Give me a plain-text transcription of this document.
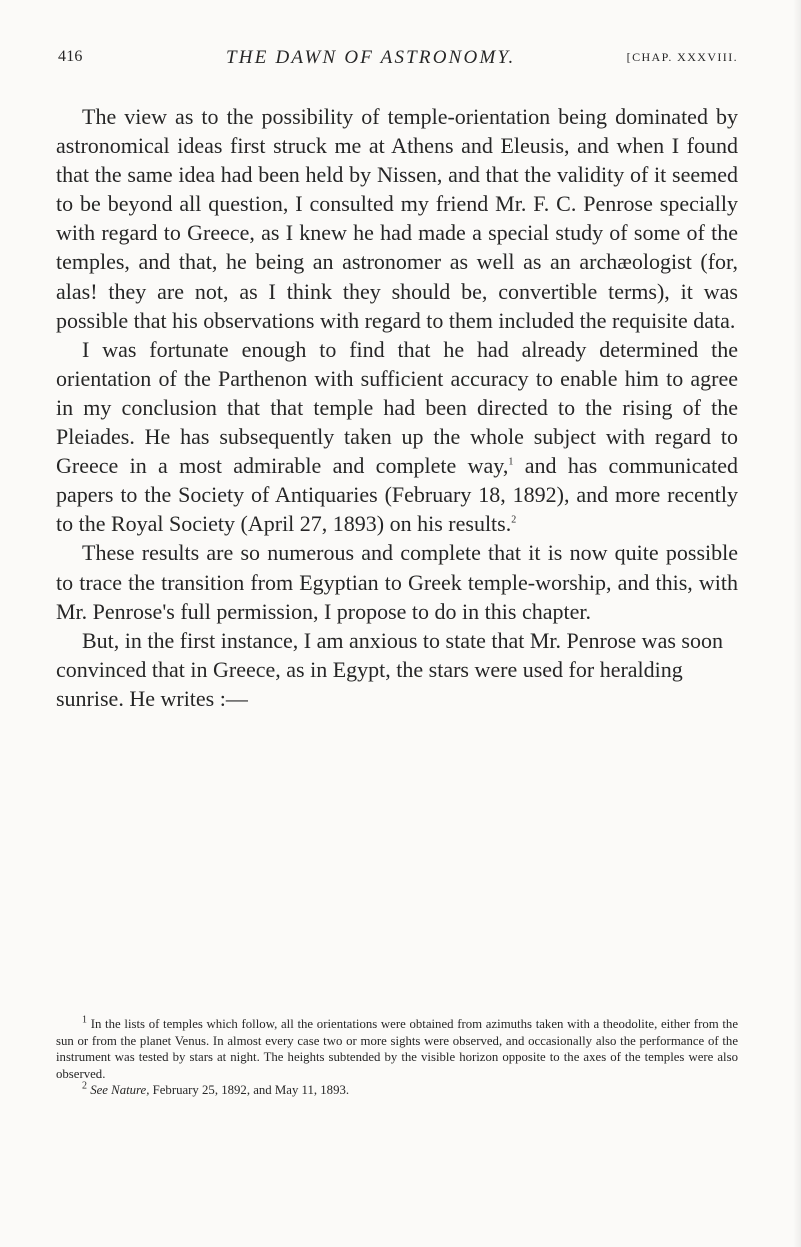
416	THE DAWN OF ASTRONOMY.	[CHAP. XXXVIII.

The view as to the possibility of temple-orientation being dominated by astronomical ideas first struck me at Athens and Eleusis, and when I found that the same idea had been held by Nissen, and that the validity of it seemed to be beyond all question, I consulted my friend Mr. F. C. Penrose specially with regard to Greece, as I knew he had made a special study of some of the temples, and that, he being an astronomer as well as an archæologist (for, alas! they are not, as I think they should be, convertible terms), it was possible that his observations with regard to them included the requisite data.

I was fortunate enough to find that he had already determined the orientation of the Parthenon with sufficient accuracy to enable him to agree in my conclusion that that temple had been directed to the rising of the Pleiades. He has subsequently taken up the whole subject with regard to Greece in a most admirable and complete way,$^1$ and has communicated papers to the Society of Antiquaries (February 18, 1892), and more recently to the Royal Society (April 27, 1893) on his results.$^2$

These results are so numerous and complete that it is now quite possible to trace the transition from Egyptian to Greek temple-worship, and this, with Mr. Penrose's full permission, I propose to do in this chapter.

But, in the first instance, I am anxious to state that Mr. Penrose was soon convinced that in Greece, as in Egypt, the stars were used for heralding sunrise. He writes :—

$^1$ In the lists of temples which follow, all the orientations were obtained from azimuths taken with a theodolite, either from the sun or from the planet Venus. In almost every case two or more sights were observed, and occasionally also the performance of the instrument was tested by stars at night. The heights subtended by the visible horizon opposite to the axes of the temples were also observed.

$^2$ See Nature, February 25, 1892, and May 11, 1893.
